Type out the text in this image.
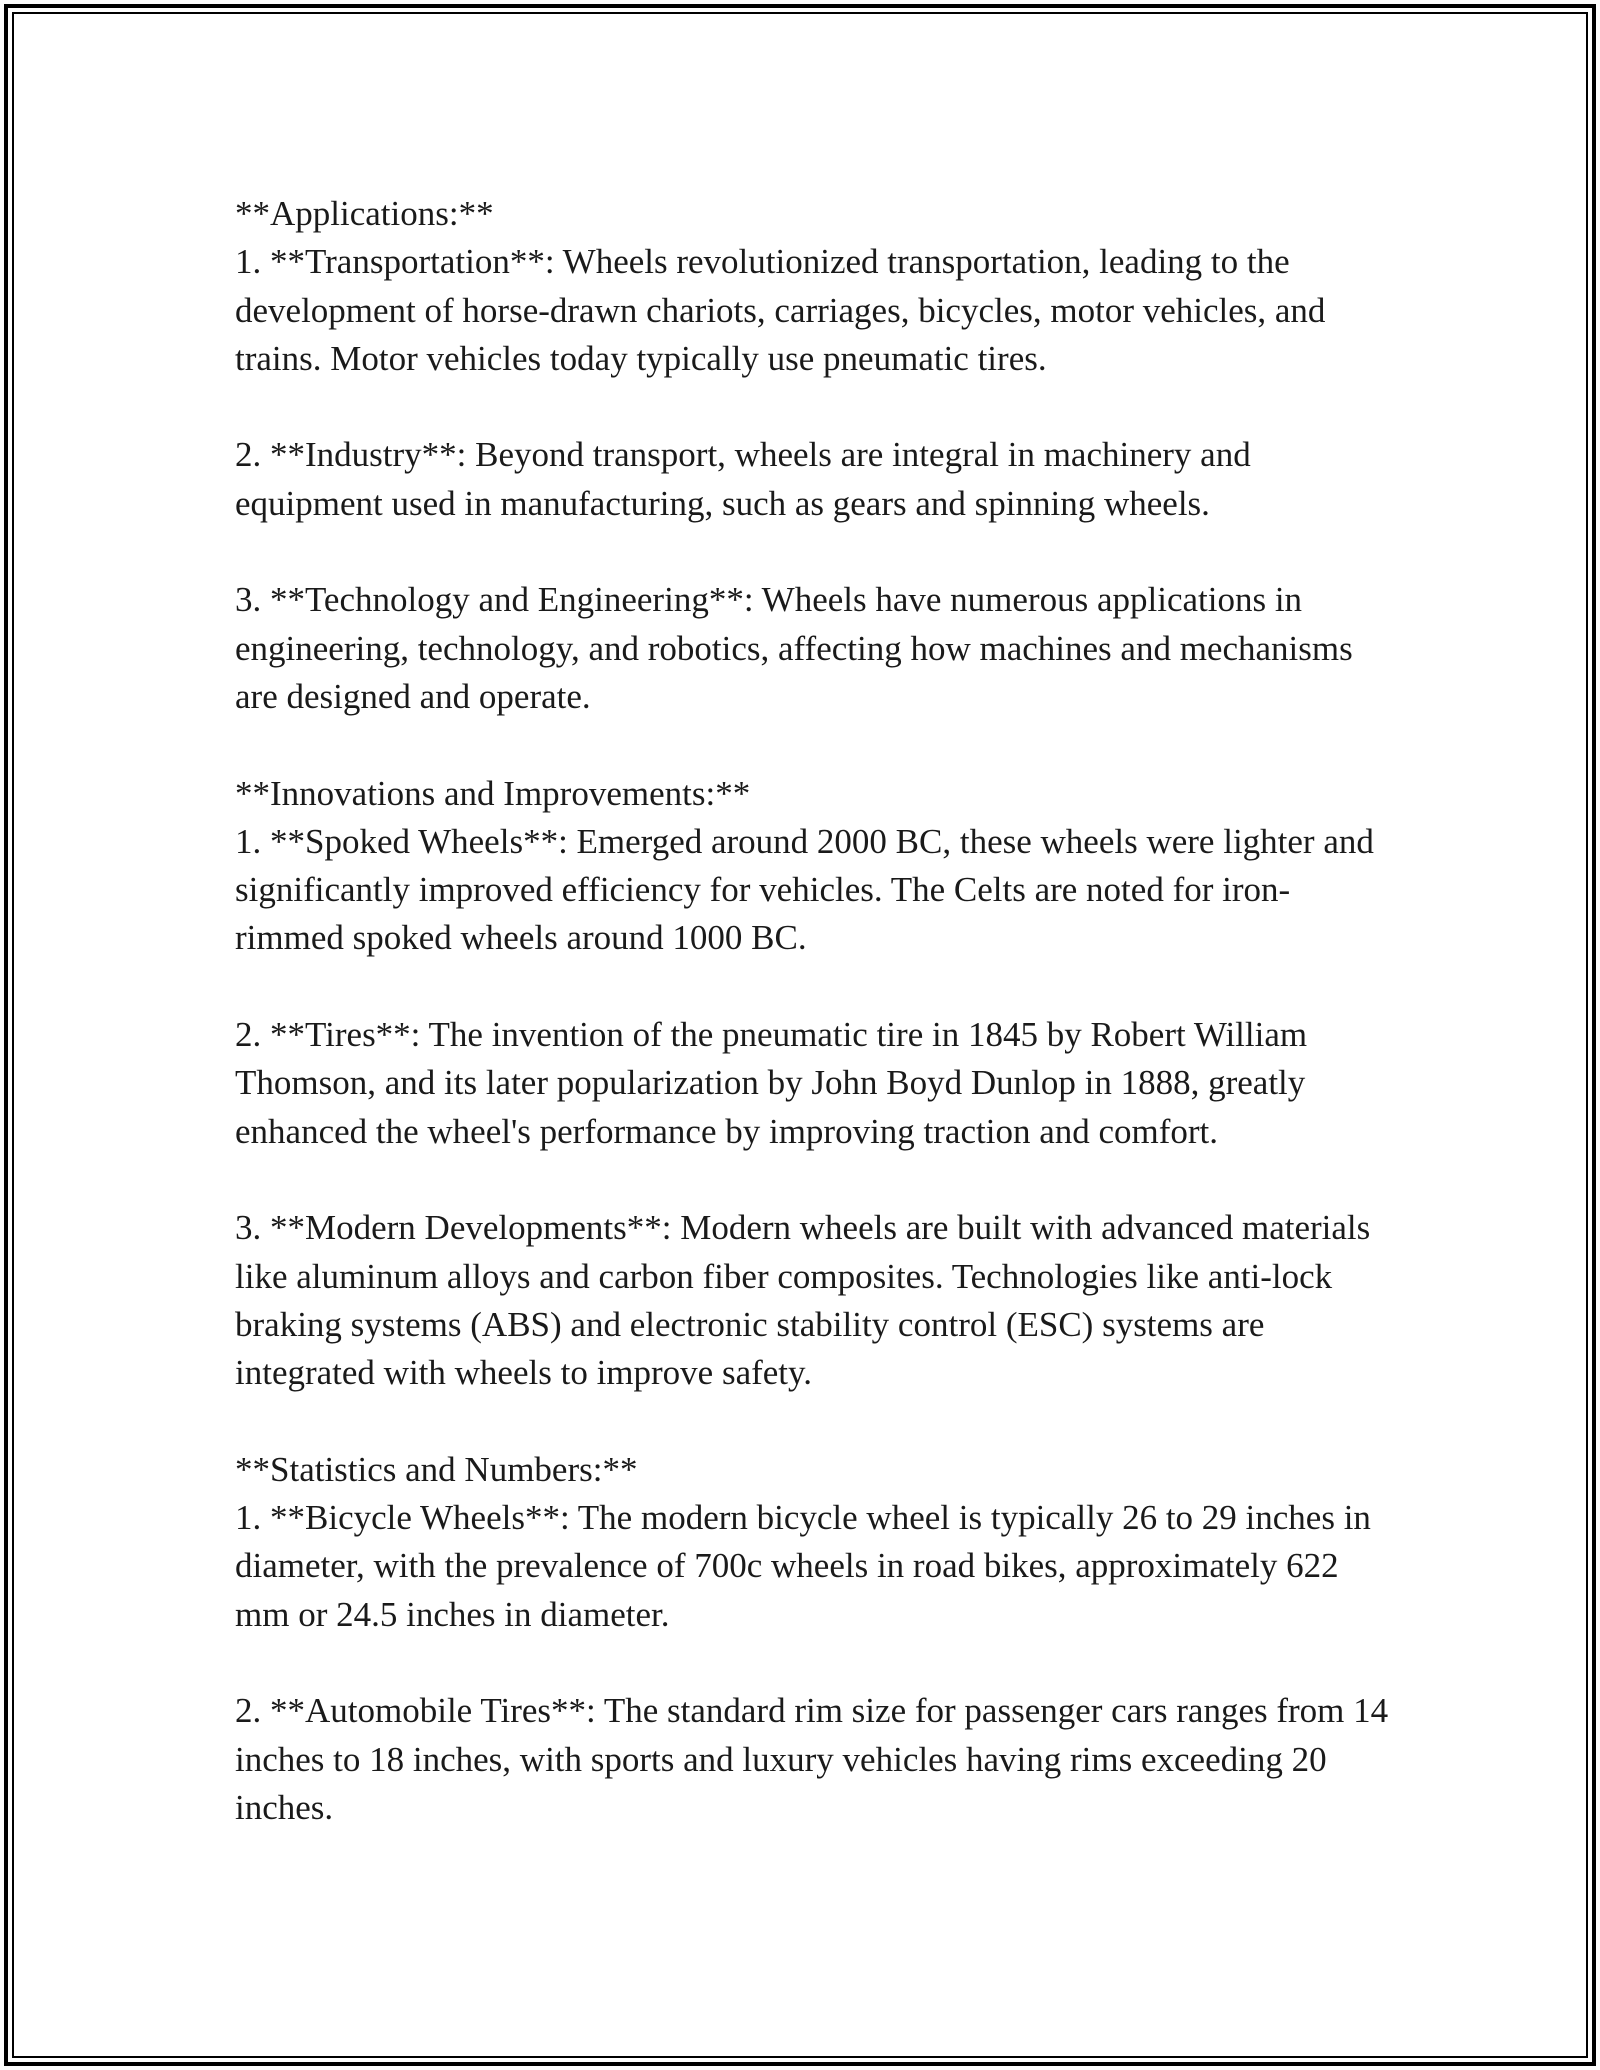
**Applications:**

1. **Transportation**: Wheels revolutionized transportation, leading to the development of horse-drawn chariots, carriages, bicycles, motor vehicles, and trains. Motor vehicles today typically use pneumatic tires.

2. **Industry**: Beyond transport, wheels are integral in machinery and equipment used in manufacturing, such as gears and spinning wheels.

3. **Technology and Engineering**: Wheels have numerous applications in engineering, technology, and robotics, affecting how machines and mechanisms are designed and operate.

**Innovations and Improvements:**

1. **Spoked Wheels**: Emerged around 2000 BC, these wheels were lighter and significantly improved efficiency for vehicles. The Celts are noted for iron-rimmed spoked wheels around 1000 BC.

2. **Tires**: The invention of the pneumatic tire in 1845 by Robert William Thomson, and its later popularization by John Boyd Dunlop in 1888, greatly enhanced the wheel's performance by improving traction and comfort.

3. **Modern Developments**: Modern wheels are built with advanced materials like aluminum alloys and carbon fiber composites. Technologies like anti-lock braking systems (ABS) and electronic stability control (ESC) systems are integrated with wheels to improve safety.

**Statistics and Numbers:**

1. **Bicycle Wheels**: The modern bicycle wheel is typically 26 to 29 inches in diameter, with the prevalence of 700c wheels in road bikes, approximately 622 mm or 24.5 inches in diameter.

2. **Automobile Tires**: The standard rim size for passenger cars ranges from 14 inches to 18 inches, with sports and luxury vehicles having rims exceeding 20 inches.
